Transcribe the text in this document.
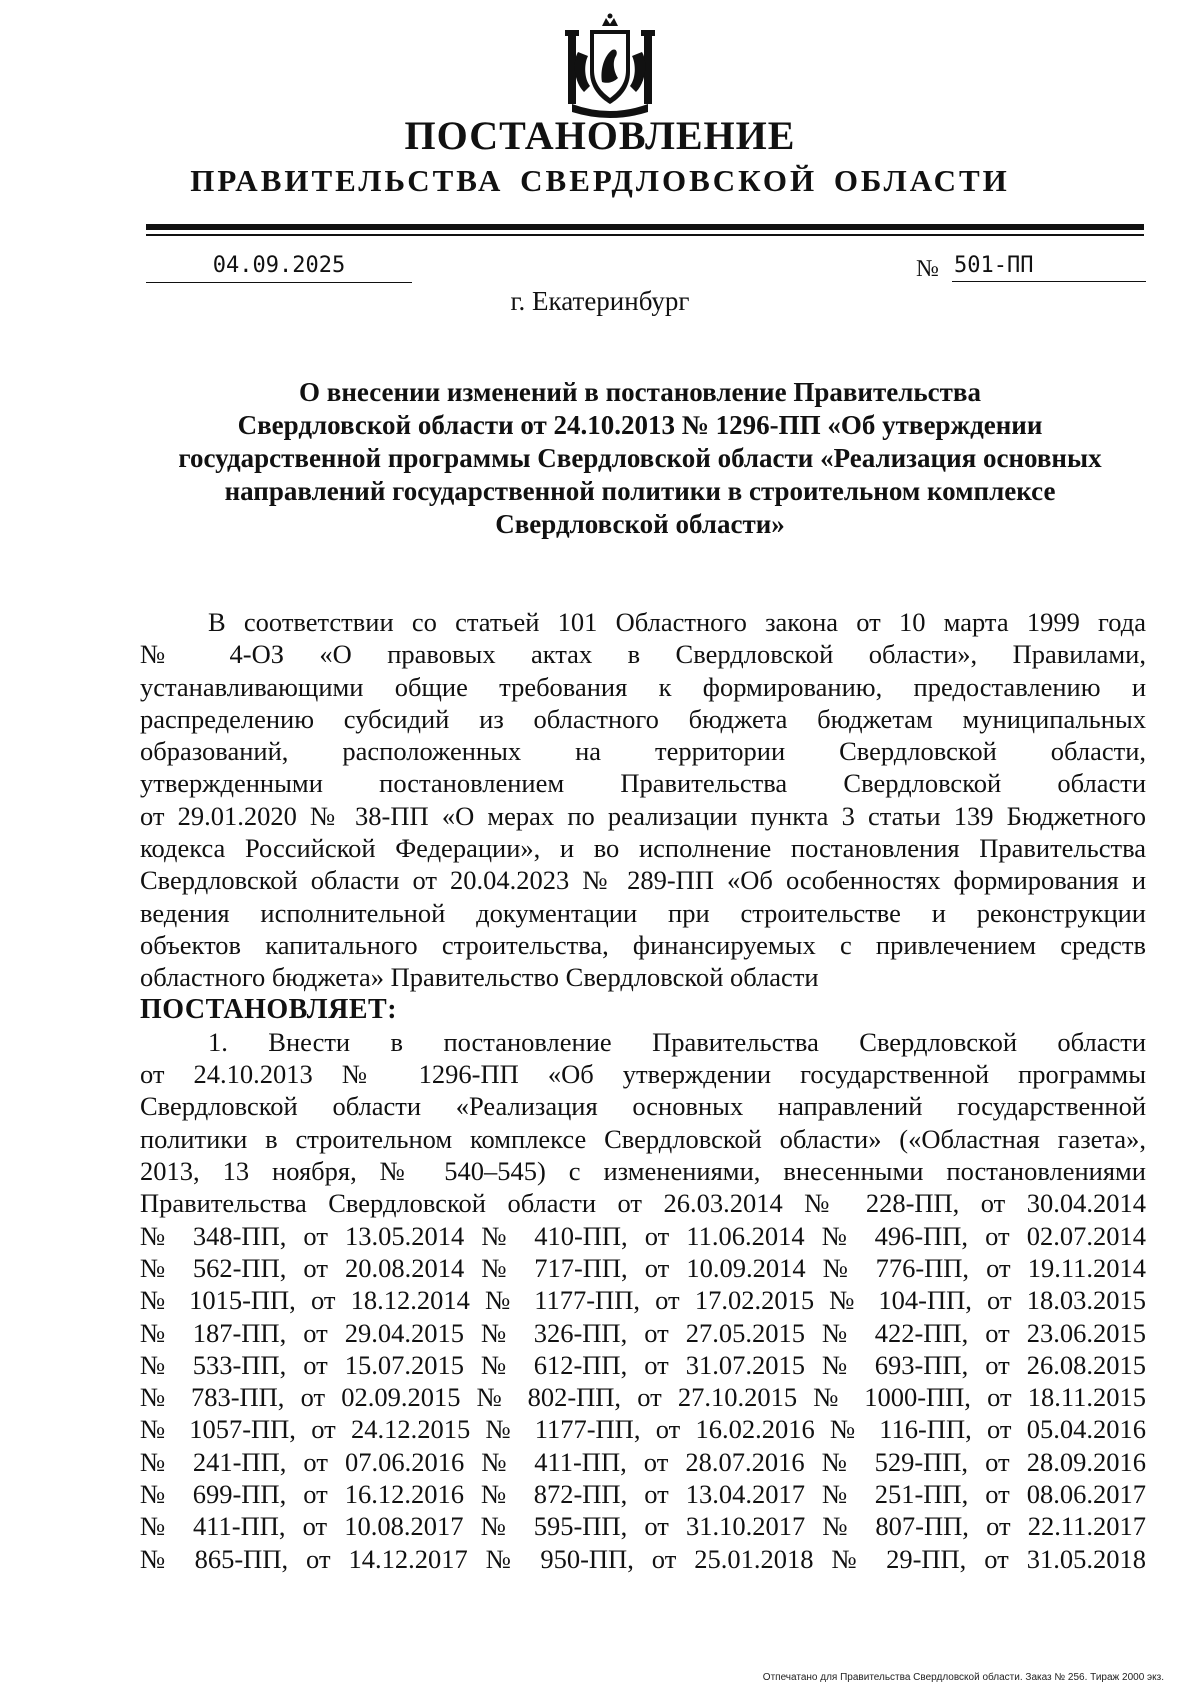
ПОСТАНОВЛЕНИЕ
ПРАВИТЕЛЬСТВА СВЕРДЛОВСКОЙ ОБЛАСТИ
04.09.2025	№ 501-ПП
г. Екатеринбург
О внесении изменений в постановление Правительства
Свердловской области от 24.10.2013 № 1296-ПП «Об утверждении
государственной программы Свердловской области «Реализация основных
направлений государственной политики в строительном комплексе
Свердловской области»
В соответствии со статьей 101 Областного закона от 10 марта 1999 года
№ 4-ОЗ «О правовых актах в Свердловской области», Правилами,
устанавливающими общие требования к формированию, предоставлению и
распределению субсидий из областного бюджета бюджетам муниципальных
образований, расположенных на территории Свердловской области,
утвержденными постановлением Правительства Свердловской области
от 29.01.2020 № 38-ПП «О мерах по реализации пункта 3 статьи 139 Бюджетного
кодекса Российской Федерации», и во исполнение постановления Правительства
Свердловской области от 20.04.2023 № 289-ПП «Об особенностях формирования и
ведения исполнительной документации при строительстве и реконструкции
объектов капитального строительства, финансируемых с привлечением средств
областного бюджета» Правительство Свердловской области
ПОСТАНОВЛЯЕТ:
1. Внести в постановление Правительства Свердловской области
от 24.10.2013 № 1296-ПП «Об утверждении государственной программы
Свердловской области «Реализация основных направлений государственной
политики в строительном комплексе Свердловской области» («Областная газета»,
2013, 13 ноября, № 540–545) с изменениями, внесенными постановлениями
Правительства Свердловской области от 26.03.2014 № 228-ПП, от 30.04.2014
№ 348-ПП, от 13.05.2014 № 410-ПП, от 11.06.2014 № 496-ПП, от 02.07.2014
№ 562-ПП, от 20.08.2014 № 717-ПП, от 10.09.2014 № 776-ПП, от 19.11.2014
№ 1015-ПП, от 18.12.2014 № 1177-ПП, от 17.02.2015 № 104-ПП, от 18.03.2015
№ 187-ПП, от 29.04.2015 № 326-ПП, от 27.05.2015 № 422-ПП, от 23.06.2015
№ 533-ПП, от 15.07.2015 № 612-ПП, от 31.07.2015 № 693-ПП, от 26.08.2015
№ 783-ПП, от 02.09.2015 № 802-ПП, от 27.10.2015 № 1000-ПП, от 18.11.2015
№ 1057-ПП, от 24.12.2015 № 1177-ПП, от 16.02.2016 № 116-ПП, от 05.04.2016
№ 241-ПП, от 07.06.2016 № 411-ПП, от 28.07.2016 № 529-ПП, от 28.09.2016
№ 699-ПП, от 16.12.2016 № 872-ПП, от 13.04.2017 № 251-ПП, от 08.06.2017
№ 411-ПП, от 10.08.2017 № 595-ПП, от 31.10.2017 № 807-ПП, от 22.11.2017
№ 865-ПП, от 14.12.2017 № 950-ПП, от 25.01.2018 № 29-ПП, от 31.05.2018
Отпечатано для Правительства Свердловской области. Заказ № 256. Тираж 2000 экз.
